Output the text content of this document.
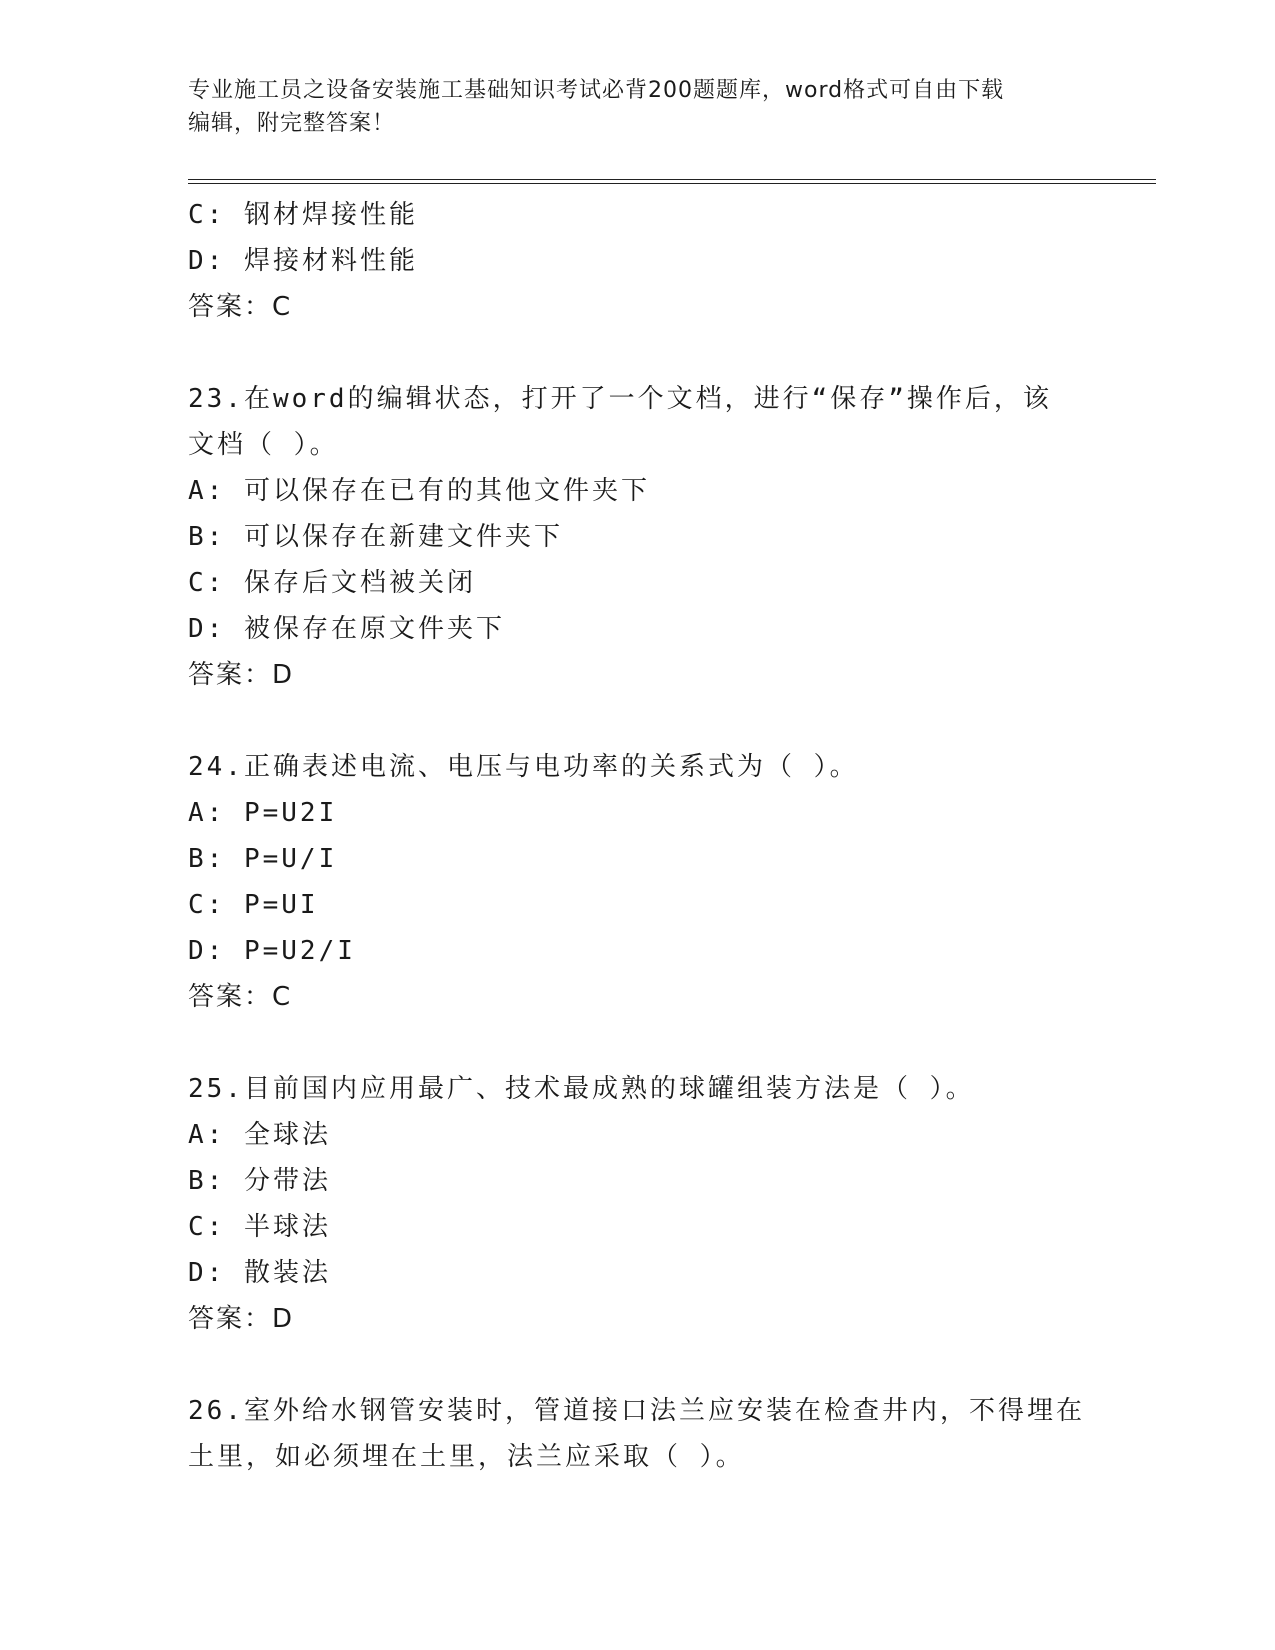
专业施工员之设备安装施工基础知识考试必背200题题库，word格式可自由下载
编辑，附完整答案！
C: 钢材焊接性能
D: 焊接材料性能
答案：C
23.在word的编辑状态，打开了一个文档，进行“保存”操作后，该
文档（ ）。
A: 可以保存在已有的其他文件夹下
B: 可以保存在新建文件夹下
C: 保存后文档被关闭
D: 被保存在原文件夹下
答案：D
24.正确表述电流、电压与电功率的关系式为（ ）。
A: P=U2I
B: P=U/I
C: P=UI
D: P=U2/I
答案：C
25.目前国内应用最广、技术最成熟的球罐组装方法是（ ）。
A: 全球法
B: 分带法
C: 半球法
D: 散装法
答案：D
26.室外给水钢管安装时，管道接口法兰应安装在检查井内，不得埋在
土里，如必须埋在土里，法兰应采取（ ）。
